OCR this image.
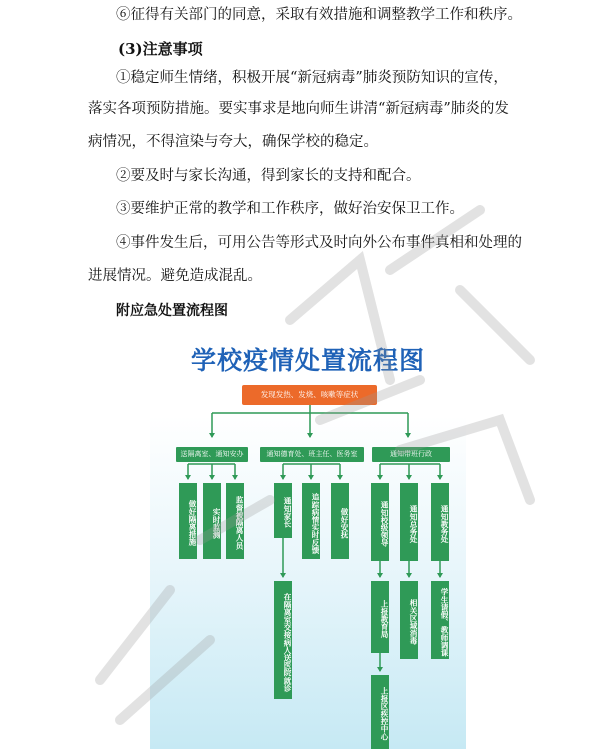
⑥征得有关部门的同意，采取有效措施和调整教学工作和秩序。
(3)注意事项
①稳定师生情绪，积极开展“新冠病毒”肺炎预防知识的宣传，
落实各项预防措施。要实事求是地向师生讲清“新冠病毒”肺炎的发
病情况，不得渲染与夸大，确保学校的稳定。
②要及时与家长沟通，得到家长的支持和配合。
③要维护正常的教学和工作秩序，做好治安保卫工作。
④事件发生后，可用公告等形式及时向外公布事件真相和处理的
进展情况。避免造成混乱。
附应急处置流程图
学校疫情处置流程图
发现发热、发烧、咳嗽等症状
送隔离室、通知安办	通知德育处、班主任、医务室	通知带班行政
做好隔离措施	实时监测	监督被隔离人员	通知家长	追踪病情实时反馈	做好安抚	通知校级领导	通知总务处	通知教务处
在隔离室交接病人送医院就诊	上报教育局	相关区域消毒	学生请假、教师调课
上报区疾控中心
